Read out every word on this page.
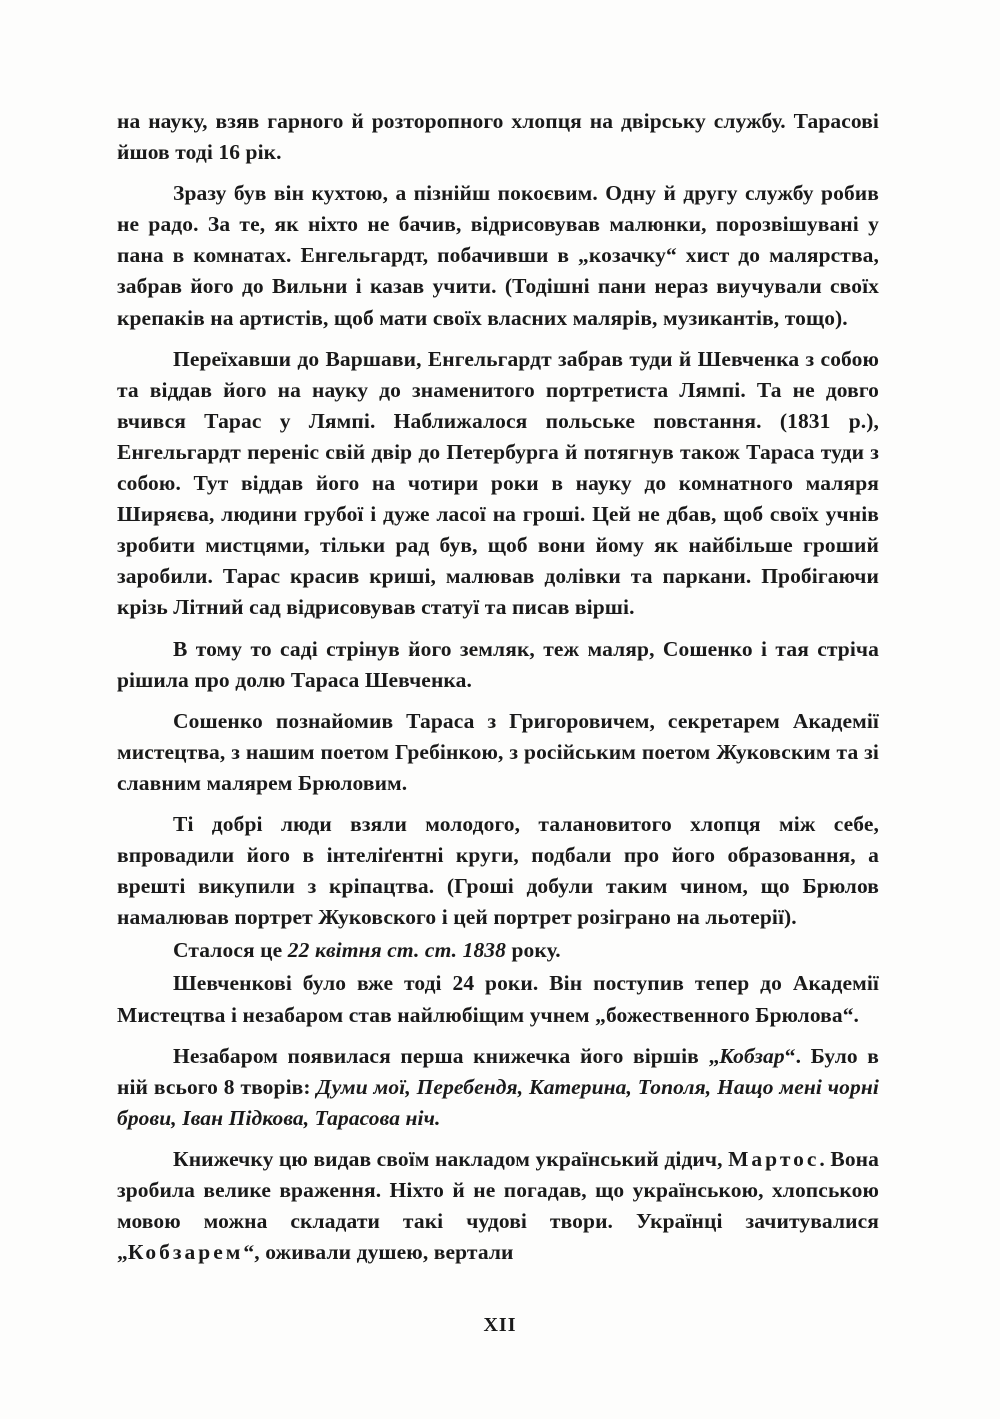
на науку, взяв гарного й розторопного хлопця на двірську службу. Тарасові йшов тоді 16 рік.

Зразу був він кухтою, а пізнійш покоєвим. Одну й другу службу робив не радо. За те, як ніхто не бачив, відрисовував малюнки, порозвішувані у пана в комнатах. Енгельгардт, побачивши в „козачку“ хист до малярства, забрав його до Вильни і казав учити. (Тодішні пани нераз виучували своїх крепаків на артистів, щоб мати своїх власних малярів, музикантів, тощо).

Переїхавши до Варшави, Енгельгардт забрав туди й Шевченка з собою та віддав його на науку до знаменитого портретиста Лямпі. Та не довго вчився Тарас у Лямпі. Наближалося польське повстання. (1831 р.), Енгельгардт переніс свій двір до Петербурга й потягнув також Тараса туди з собою. Тут віддав його на чотири роки в науку до комнатного маляря Ширяєва, людини грубої і дуже ласої на гроші. Цей не дбав, щоб своїх учнів зробити мистцями, тільки рад був, щоб вони йому як найбільше гроший заробили. Тарас красив криші, малював долівки та паркани. Пробігаючи крізь Літний сад відрисовував статуї та писав вірші.

В тому то саді стрінув його земляк, теж маляр, Сошенко і тая стріча рішила про долю Тараса Шевченка.

Сошенко познайомив Тараса з Григоровичем, секретарем Академії мистецтва, з нашим поетом Гребінкою, з російським поетом Жуковским та зі славним малярем Брюловим.

Ті добрі люди взяли молодого, талановитого хлопця між себе, впровадили його в інтеліґентні круги, подбали про його образовання, а врешті викупили з кріпацтва. (Гроші добули таким чином, що Брюлов намалював портрет Жуковского і цей портрет розіграно на льотерії).

Сталося це 22 квітня ст. ст. 1838 року.

Шевченкові було вже тоді 24 роки. Він поступив тепер до Академії Мистецтва і незабаром став найлюбіщим учнем „божественного Брюлова“.

Незабаром появилася перша книжечка його віршів „Кобзар“. Було в ній всього 8 творів: Думи мої, Перебендя, Катерина, Тополя, Нащо мені чорні брови, Іван Підкова, Тарасова ніч.

Книжечку цю видав своїм накладом український дідич, Мартос. Вона зробила велике враження. Ніхто й не погадав, що українською, хлопською мовою можна складати такі чудові твори. Українці зачитувалися „Кобзарем“, оживали душею, вертали

XII
